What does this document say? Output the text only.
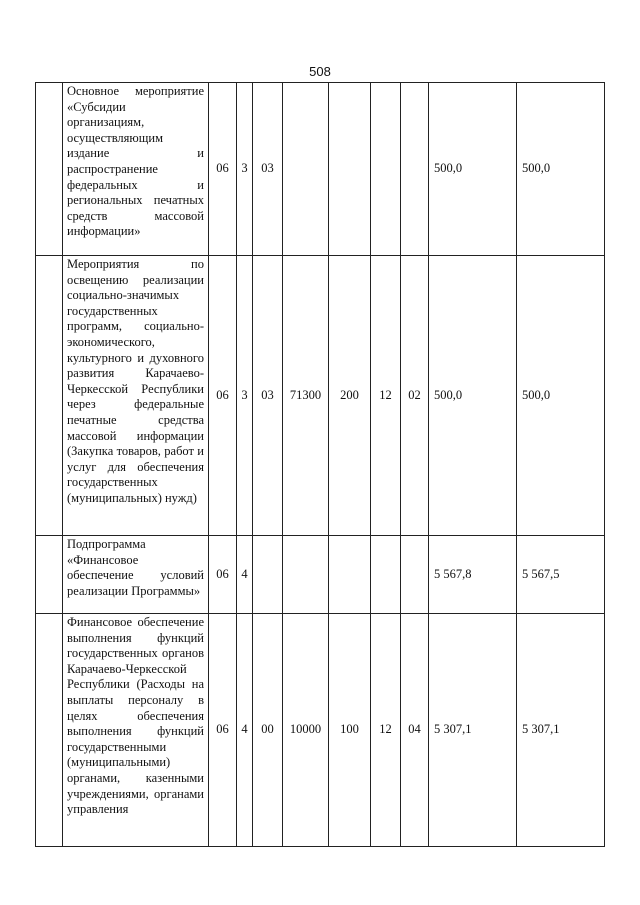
508
	Основное мероприятие «Субсидии организациям, осуществляющим издание и распространение федеральных и региональных печатных средств массовой информации»	06	3	03					500,0	500,0
	Мероприятия по освещению реализации социально-значимых государственных программ, социально-экономического, культурного и духовного развития Карачаево-Черкесской Республики через федеральные печатные средства массовой информации (Закупка товаров, работ и услуг для обеспечения государственных (муниципальных) нужд)	06	3	03	71300	200	12	02	500,0	500,0
	Подпрограмма «Финансовое обеспечение условий реализации Программы»	06	4						5 567,8	5 567,5
	Финансовое обеспечение выполнения функций государственных органов Карачаево-Черкесской Республики (Расходы на выплаты персоналу в целях обеспечения выполнения функций государственными (муниципальными) органами, казенными учреждениями, органами управления	06	4	00	10000	100	12	04	5 307,1	5 307,1
